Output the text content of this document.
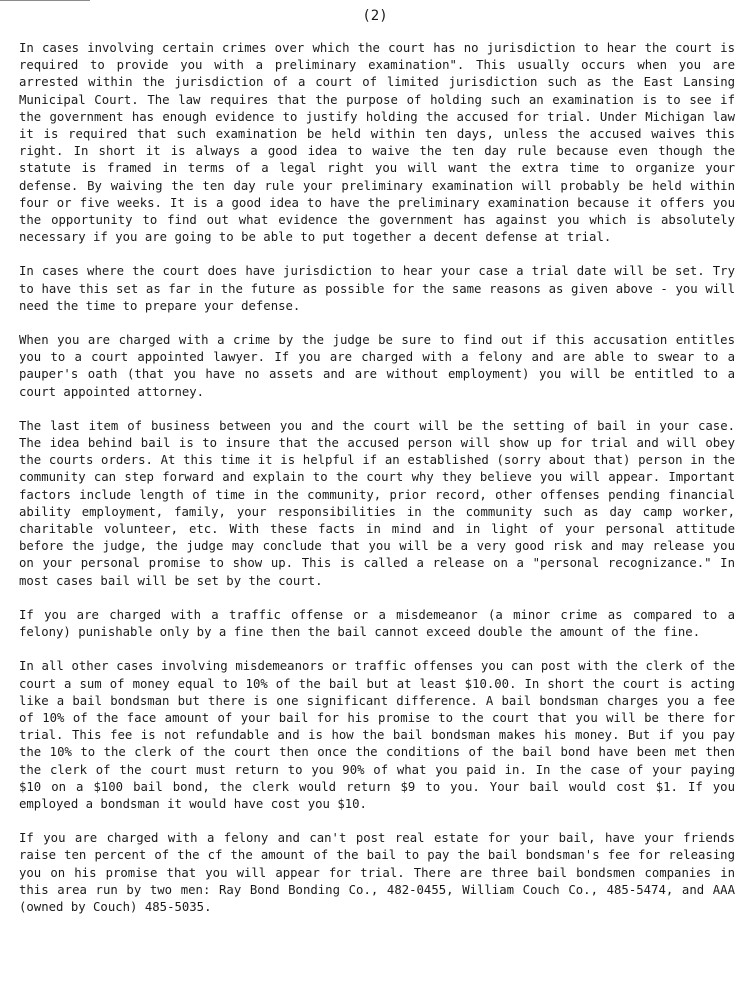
(2)

In cases involving certain crimes over which the court has no jurisdiction to hear the court is required to provide you with a preliminary examination". This usually occurs when you are arrested within the jurisdiction of a court of limited jurisdiction such as the East Lansing Municipal Court. The law requires that the purpose of holding such an examination is to see if the government has enough evidence to justify holding the accused for trial. Under Michigan law it is required that such examination be held within ten days, unless the accused waives this right. In short it is always a good idea to waive the ten day rule because even though the statute is framed in terms of a legal right you will want the extra time to organize your defense. By waiving the ten day rule your preliminary examination will probably be held within four or five weeks. It is a good idea to have the preliminary examination because it offers you the opportunity to find out what evidence the government has against you which is absolutely necessary if you are going to be able to put together a decent defense at trial.

In cases where the court does have jurisdiction to hear your case a trial date will be set. Try to have this set as far in the future as possible for the same reasons as given above - you will need the time to prepare your defense.

When you are charged with a crime by the judge be sure to find out if this accusation entitles you to a court appointed lawyer. If you are charged with a felony and are able to swear to a pauper's oath (that you have no assets and are without employment) you will be entitled to a court appointed attorney.

The last item of business between you and the court will be the setting of bail in your case. The idea behind bail is to insure that the accused person will show up for trial and will obey the courts orders. At this time it is helpful if an established (sorry about that) person in the community can step forward and explain to the court why they believe you will appear. Important factors include length of time in the community, prior record, other offenses pending financial ability employment, family, your responsibilities in the community such as day camp worker, charitable volunteer, etc. With these facts in mind and in light of your personal attitude before the judge, the judge may conclude that you will be a very good risk and may release you on your personal promise to show up. This is called a release on a "personal recognizance." In most cases bail will be set by the court.

If you are charged with a traffic offense or a misdemeanor (a minor crime as compared to a felony) punishable only by a fine then the bail cannot exceed double the amount of the fine.

In all other cases involving misdemeanors or traffic offenses you can post with the clerk of the court a sum of money equal to 10% of the bail but at least $10.00. In short the court is acting like a bail bondsman but there is one significant difference. A bail bondsman charges you a fee of 10% of the face amount of your bail for his promise to the court that you will be there for trial. This fee is not refundable and is how the bail bondsman makes his money. But if you pay the 10% to the clerk of the court then once the conditions of the bail bond have been met then the clerk of the court must return to you 90% of what you paid in. In the case of your paying $10 on a $100 bail bond, the clerk would return $9 to you. Your bail would cost $1. If you employed a bondsman it would have cost you $10.

If you are charged with a felony and can't post real estate for your bail, have your friends raise ten percent of the cf the amount of the bail to pay the bail bondsman's fee for releasing you on his promise that you will appear for trial. There are three bail bondsmen companies in this area run by two men: Ray Bond Bonding Co., 482-0455, William Couch Co., 485-5474, and AAA (owned by Couch) 485-5035.
